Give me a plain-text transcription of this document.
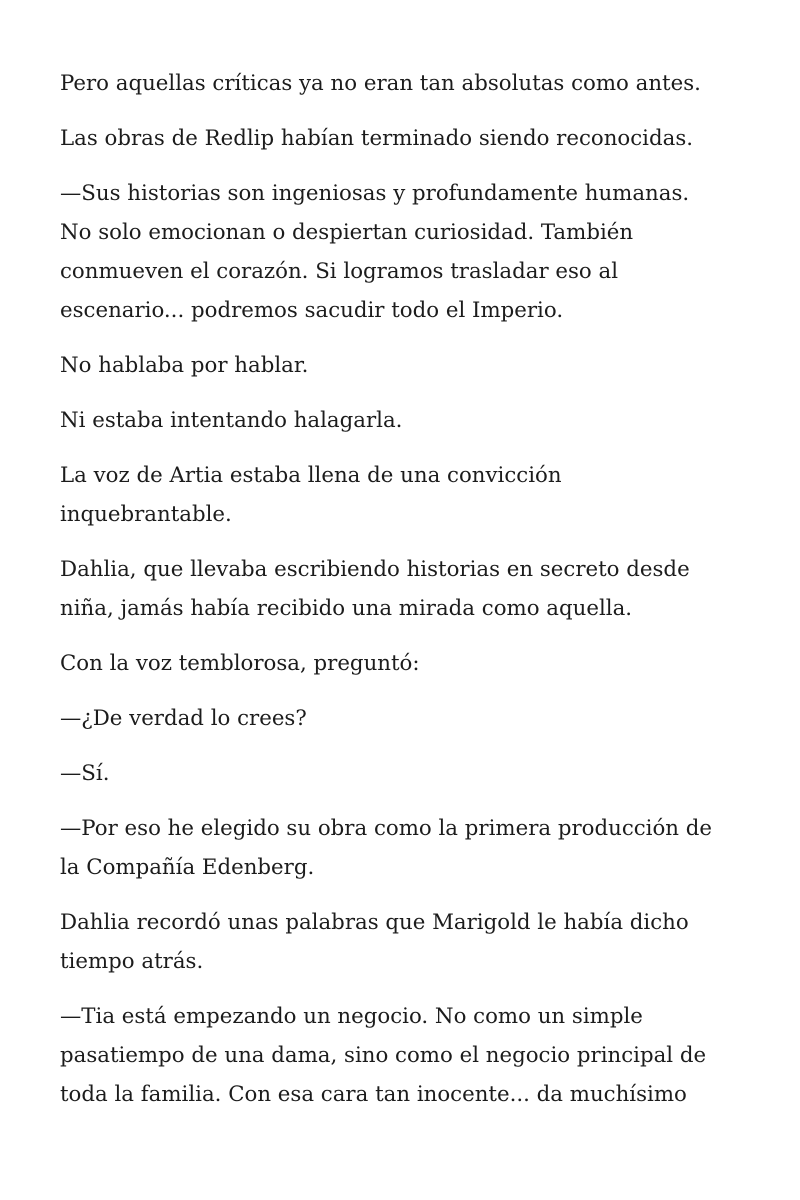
Pero aquellas críticas ya no eran tan absolutas como antes.

Las obras de Redlip habían terminado siendo reconocidas.

—Sus historias son ingeniosas y profundamente humanas.
No solo emocionan o despiertan curiosidad. También
conmueven el corazón. Si logramos trasladar eso al
escenario... podremos sacudir todo el Imperio.

No hablaba por hablar.

Ni estaba intentando halagarla.

La voz de Artia estaba llena de una convicción
inquebrantable.

Dahlia, que llevaba escribiendo historias en secreto desde
niña, jamás había recibido una mirada como aquella.

Con la voz temblorosa, preguntó:

—¿De verdad lo crees?

—Sí.

—Por eso he elegido su obra como la primera producción de
la Compañía Edenberg.

Dahlia recordó unas palabras que Marigold le había dicho
tiempo atrás.

—Tia está empezando un negocio. No como un simple
pasatiempo de una dama, sino como el negocio principal de
toda la familia. Con esa cara tan inocente... da muchísimo
